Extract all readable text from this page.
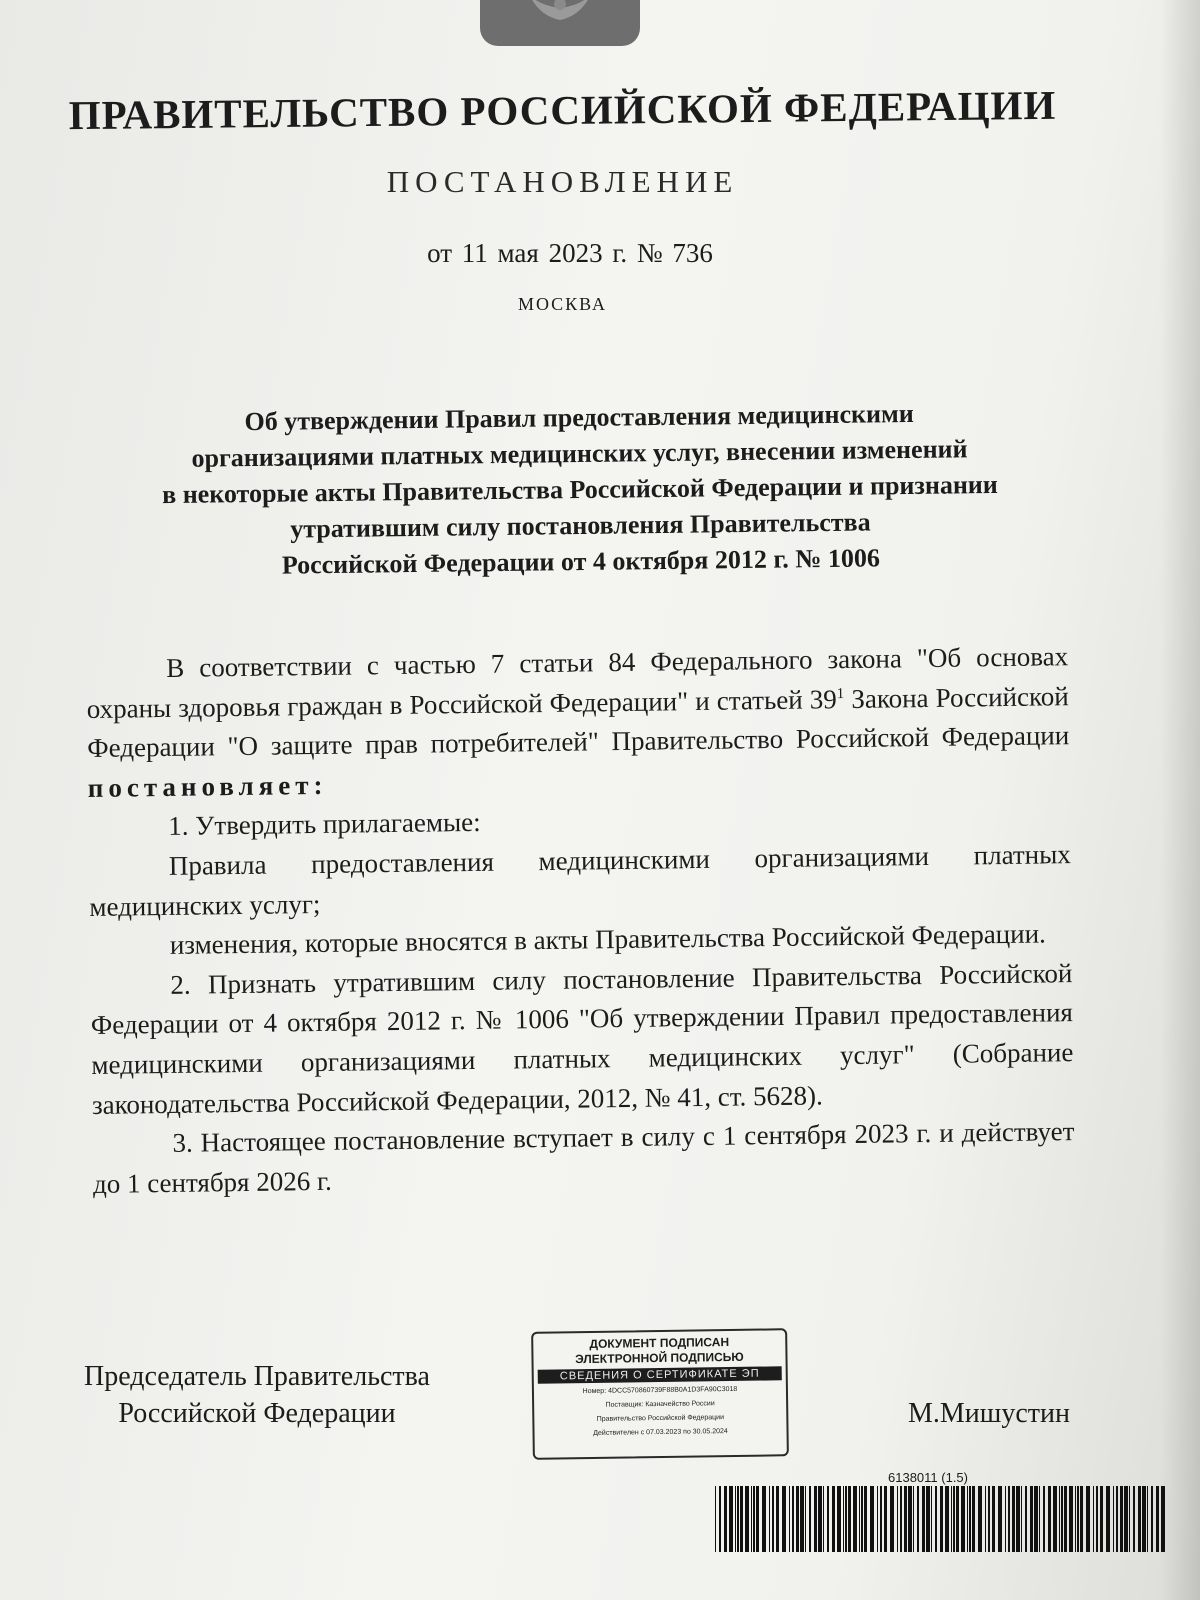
ПРАВИТЕЛЬСТВО РОССИЙСКОЙ ФЕДЕРАЦИИ
ПОСТАНОВЛЕНИЕ
от 11 мая 2023 г. № 736
МОСКВА
Об утверждении Правил предоставления медицинскими
организациями платных медицинских услуг, внесении изменений
в некоторые акты Правительства Российской Федерации и признании
утратившим силу постановления Правительства
Российской Федерации от 4 октября 2012 г. № 1006

В соответствии с частью 7 статьи 84 Федерального закона "Об основах охраны здоровья граждан в Российской Федерации" и статьей $39^1$ Закона Российской Федерации "О защите прав потребителей" Правительство Российской Федерации постановляет:

1. Утвердить прилагаемые:

Правила предоставления медицинскими организациями платных медицинских услуг;

изменения, которые вносятся в акты Правительства Российской Федерации.

2. Признать утратившим силу постановление Правительства Российской Федерации от 4 октября 2012 г. № 1006 "Об утверждении Правил предоставления медицинскими организациями платных медицинских услуг" (Собрание законодательства Российской Федерации, 2012, № 41, ст. 5628).

3. Настоящее постановление вступает в силу с 1 сентября 2023 г. и действует до 1 сентября 2026 г.

Председатель Правительства
Российской Федерации
ДОКУМЕНТ ПОДПИСАН
ЭЛЕКТРОННОЙ ПОДПИСЬЮ
СВЕДЕНИЯ О СЕРТИФИКАТЕ ЭП
Номер: 4DCC570860739F88B0A1D3FA90C3018
Поставщик: Казначейство России
Правительство Российской Федерации
Действителен с 07.03.2023 по 30.05.2024
М.Мишустин
6138011 (1.5)
